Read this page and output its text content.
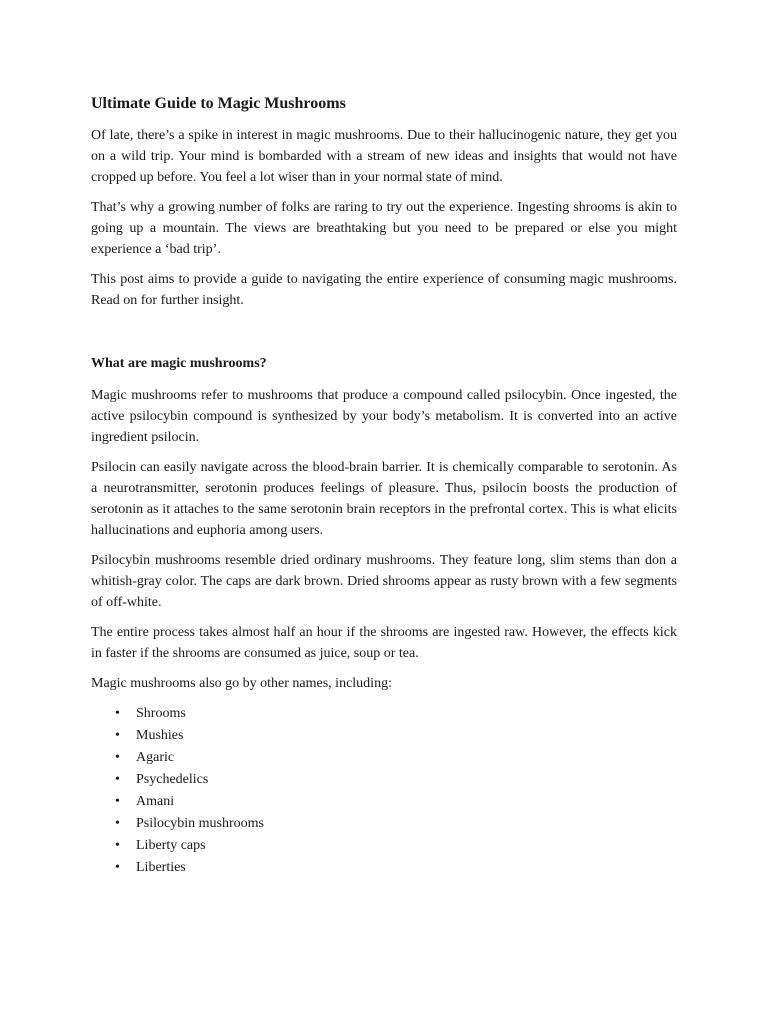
Ultimate Guide to Magic Mushrooms

Of late, there’s a spike in interest in magic mushrooms. Due to their hallucinogenic nature, they get you on a wild trip. Your mind is bombarded with a stream of new ideas and insights that would not have cropped up before. You feel a lot wiser than in your normal state of mind.

That’s why a growing number of folks are raring to try out the experience. Ingesting shrooms is akin to going up a mountain. The views are breathtaking but you need to be prepared or else you might experience a ‘bad trip’.

This post aims to provide a guide to navigating the entire experience of consuming magic mushrooms. Read on for further insight.

What are magic mushrooms?

Magic mushrooms refer to mushrooms that produce a compound called psilocybin. Once ingested, the active psilocybin compound is synthesized by your body’s metabolism. It is converted into an active ingredient psilocin.

Psilocin can easily navigate across the blood-brain barrier. It is chemically comparable to serotonin. As a neurotransmitter, serotonin produces feelings of pleasure. Thus, psilocin boosts the production of serotonin as it attaches to the same serotonin brain receptors in the prefrontal cortex. This is what elicits hallucinations and euphoria among users.

Psilocybin mushrooms resemble dried ordinary mushrooms. They feature long, slim stems than don a whitish-gray color. The caps are dark brown. Dried shrooms appear as rusty brown with a few segments of off-white.

The entire process takes almost half an hour if the shrooms are ingested raw. However, the effects kick in faster if the shrooms are consumed as juice, soup or tea.

Magic mushrooms also go by other names, including:

• Shrooms
• Mushies
• Agaric
• Psychedelics
• Amani
• Psilocybin mushrooms
• Liberty caps
• Liberties
